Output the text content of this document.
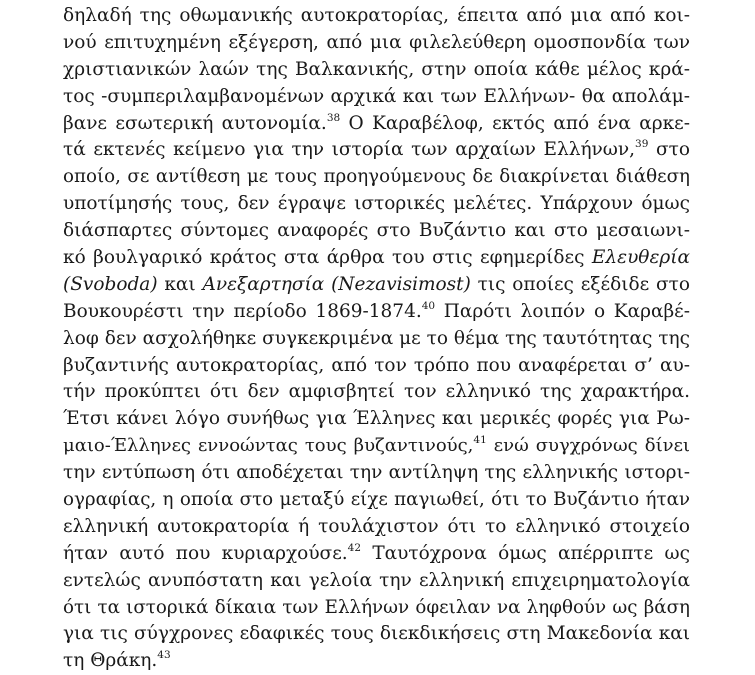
δηλαδή της οθωμανικής αυτοκρατορίας, έπειτα από μια από κοι-
νού επιτυχημένη εξέγερση, από μια φιλελεύθερη ομοσπονδία των
χριστιανικών λαών της Βαλκανικής, στην οποία κάθε μέλος κρά-
τος -συμπεριλαμβανομένων αρχικά και των Ελλήνων- θα απολάμ-
βανε εσωτερική αυτονομία.$^{38}$ Ο Καραβέλοφ, εκτός από ένα αρκε-
τά εκτενές κείμενο για την ιστορία των αρχαίων Ελλήνων,$^{39}$ στο
οποίο, σε αντίθεση με τους προηγούμενους δε διακρίνεται διάθεση
υποτίμησής τους, δεν έγραψε ιστορικές μελέτες. Υπάρχουν όμως
διάσπαρτες σύντομες αναφορές στο Βυζάντιο και στο μεσαιωνι-
κό βουλγαρικό κράτος στα άρθρα του στις εφημερίδες Ελευθερία
(Svoboda) και Ανεξαρτησία (Nezavisimost) τις οποίες εξέδιδε στο
Βουκουρέστι την περίοδο 1869-1874.40 Παρότι λοιπόν ο Καραβέ-
λοφ δεν ασχολήθηκε συγκεκριμένα με το θέμα της ταυτότητας της
βυζαντινής αυτοκρατορίας, από τον τρόπο που αναφέρεται σ’ αυ-
τήν προκύπτει ότι δεν αμφισβητεί τον ελληνικό της χαρακτήρα.
Έτσι κάνει λόγο συνήθως για Έλληνες και μερικές φορές για Ρω-
μαιο-Έλληνες εννοώντας τους βυζαντινούς,$^{41}$ ενώ συγχρόνως δίνει
την εντύπωση ότι αποδέχεται την αντίληψη της ελληνικής ιστορι-
ογραφίας, η οποία στο μεταξύ είχε παγιωθεί, ότι το Βυζάντιο ήταν
ελληνική αυτοκρατορία ή τουλάχιστον ότι το ελληνικό στοιχείο
ήταν αυτό που κυριαρχούσε.$^{42}$ Ταυτόχρονα όμως απέρριπτε ως
εντελώς ανυπόστατη και γελοία την ελληνική επιχειρηματολογία
ότι τα ιστορικά δίκαια των Ελλήνων όφειλαν να ληφθούν ως βάση
για τις σύγχρονες εδαφικές τους διεκδικήσεις στη Μακεδονία και
τη Θράκη.$^{43}$
